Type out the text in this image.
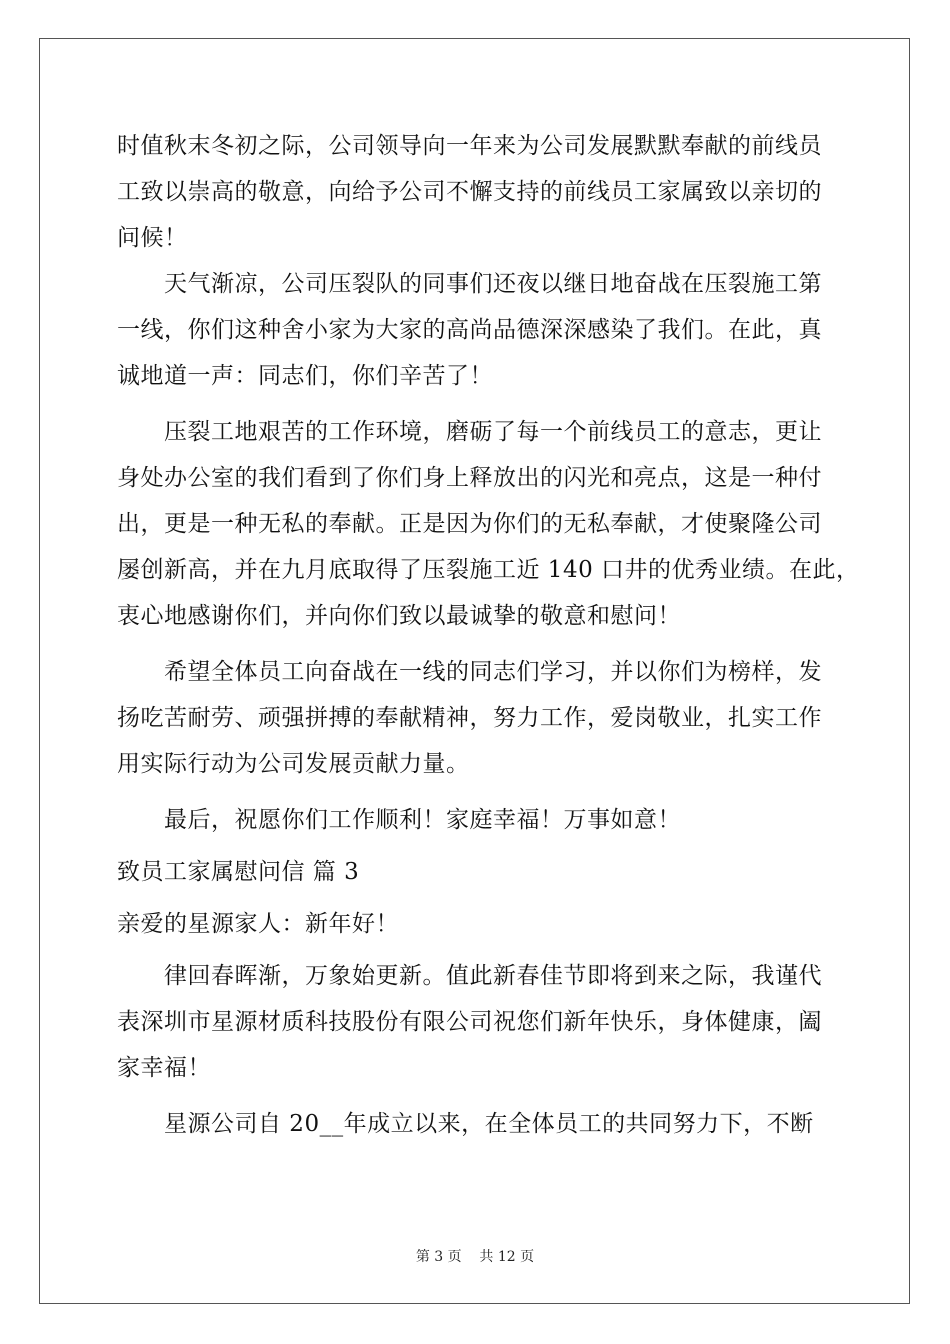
时值秋末冬初之际，公司领导向一年来为公司发展默默奉献的前线员
工致以崇高的敬意，向给予公司不懈支持的前线员工家属致以亲切的
问候！
天气渐凉，公司压裂队的同事们还夜以继日地奋战在压裂施工第
一线，你们这种舍小家为大家的高尚品德深深感染了我们。在此，真
诚地道一声：同志们，你们辛苦了！
压裂工地艰苦的工作环境，磨砺了每一个前线员工的意志，更让
身处办公室的我们看到了你们身上释放出的闪光和亮点，这是一种付
出，更是一种无私的奉献。正是因为你们的无私奉献，才使聚隆公司
屡创新高，并在九月底取得了压裂施工近 140 口井的优秀业绩。在此，
衷心地感谢你们，并向你们致以最诚挚的敬意和慰问！
希望全体员工向奋战在一线的同志们学习，并以你们为榜样，发
扬吃苦耐劳、顽强拼搏的奉献精神，努力工作，爱岗敬业，扎实工作
用实际行动为公司发展贡献力量。
最后，祝愿你们工作顺利！家庭幸福！万事如意！
致员工家属慰问信 篇 3
亲爱的星源家人：新年好！
律回春晖渐，万象始更新。值此新春佳节即将到来之际，我谨代
表深圳市星源材质科技股份有限公司祝您们新年快乐，身体健康，阖
家幸福！
星源公司自 20__年成立以来，在全体员工的共同努力下，不断
第 3 页    共 12 页
